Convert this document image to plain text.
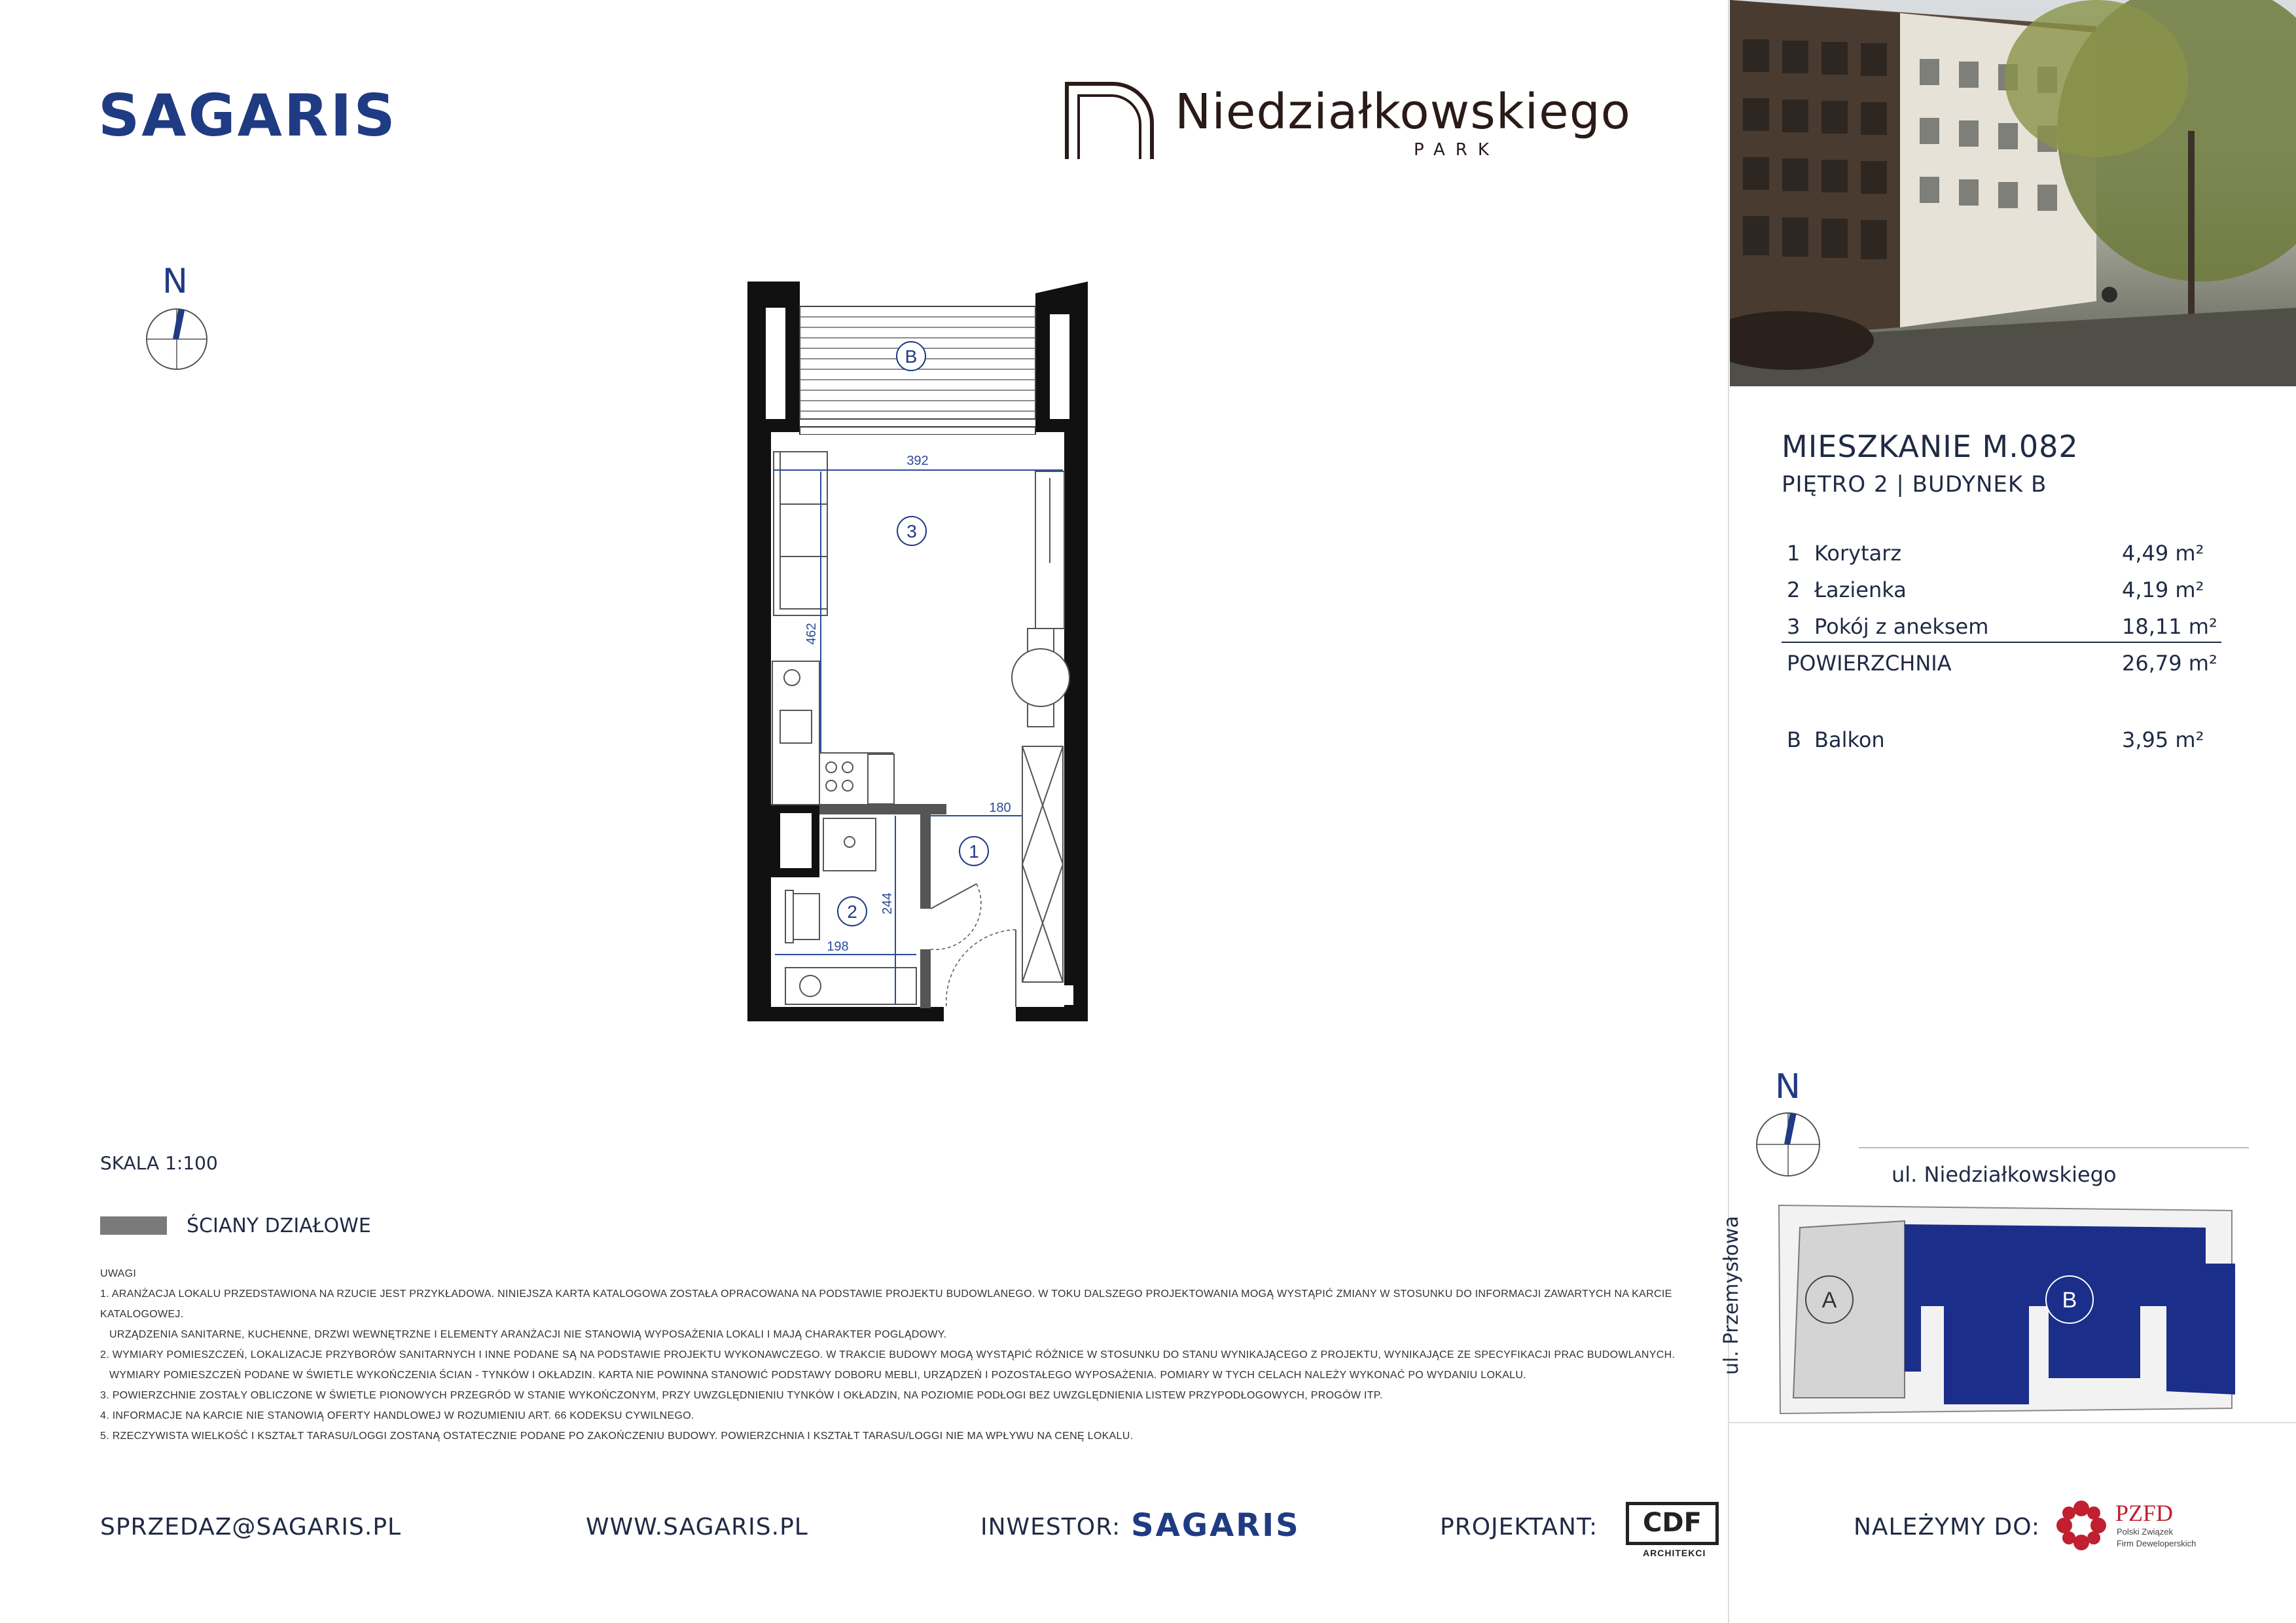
SAGARIS	Niedziałkowskiego
PARK
N
B
392
3
462
198
244
2
180
1
MIESZKANIE M.082
PIĘTRO 2 | BUDYNEK B
1 Korytarz	4,49 m²
2 Łazienka	4,19 m²
3 Pokój z aneksem	18,11 m²
POWIERZCHNIA	26,79 m²
B Balkon	3,95 m²
N
ul. Niedziałkowskiego
ul. Przemysłowa	A	B
SKALA 1:100
ŚCIANY DZIAŁOWE
UWAGI
1. ARANŻACJA LOKALU PRZEDSTAWIONA NA RZUCIE JEST PRZYKŁADOWA. NINIEJSZA KARTA KATALOGOWA ZOSTAŁA OPRACOWANA NA PODSTAWIE PROJEKTU BUDOWLANEGO. W TOKU DALSZEGO PROJEKTOWANIA MOGĄ WYSTĄPIĆ ZMIANY W STOSUNKU DO INFORMACJI ZAWARTYCH NA KARCIE KATALOGOWEJ.
URZĄDZENIA SANITARNE, KUCHENNE, DRZWI WEWNĘTRZNE I ELEMENTY ARANŻACJI NIE STANOWIĄ WYPOSAŻENIA LOKALI I MAJĄ CHARAKTER POGLĄDOWY.
2. WYMIARY POMIESZCZEŃ, LOKALIZACJE PRZYBORÓW SANITARNYCH I INNE PODANE SĄ NA PODSTAWIE PROJEKTU WYKONAWCZEGO. W TRAKCIE BUDOWY MOGĄ WYSTĄPIĆ RÓŻNICE W STOSUNKU DO STANU WYNIKAJĄCEGO Z PROJEKTU, WYNIKAJĄCE ZE SPECYFIKACJI PRAC BUDOWLANYCH.
WYMIARY POMIESZCZEŃ PODANE W ŚWIETLE WYKOŃCZENIA ŚCIAN - TYNKÓW I OKŁADZIN. KARTA NIE POWINNA STANOWIĆ PODSTAWY DOBORU MEBLI, URZĄDZEŃ I POZOSTAŁEGO WYPOSAŻENIA. POMIARY W TYCH CELACH NALEŻY WYKONAĆ PO WYDANIU LOKALU.
3. POWIERZCHNIE ZOSTAŁY OBLICZONE W ŚWIETLE PIONOWYCH PRZEGRÓD W STANIE WYKOŃCZONYM, PRZY UWZGLĘDNIENIU TYNKÓW I OKŁADZIN, NA POZIOMIE PODŁOGI BEZ UWZGLĘDNIENIA LISTEW PRZYPODŁOGOWYCH, PROGÓW ITP.
4. INFORMACJE NA KARCIE NIE STANOWIĄ OFERTY HANDLOWEJ W ROZUMIENIU ART. 66 KODEKSU CYWILNEGO.
5. RZECZYWISTA WIELKOŚĆ I KSZTAŁT TARASU/LOGGI ZOSTANĄ OSTATECZNIE PODANE PO ZAKOŃCZENIU BUDOWY. POWIERZCHNIA I KSZTAŁT TARASU/LOGGI NIE MA WPŁYWU NA CENĘ LOKALU.
SPRZEDAZ@SAGARIS.PL	WWW.SAGARIS.PL	INWESTOR: SAGARIS	PROJEKTANT:	CDF
ARCHITEKCI
NALEŻYMY DO:
PZFD
Polski Związek
Firm Deweloperskich
